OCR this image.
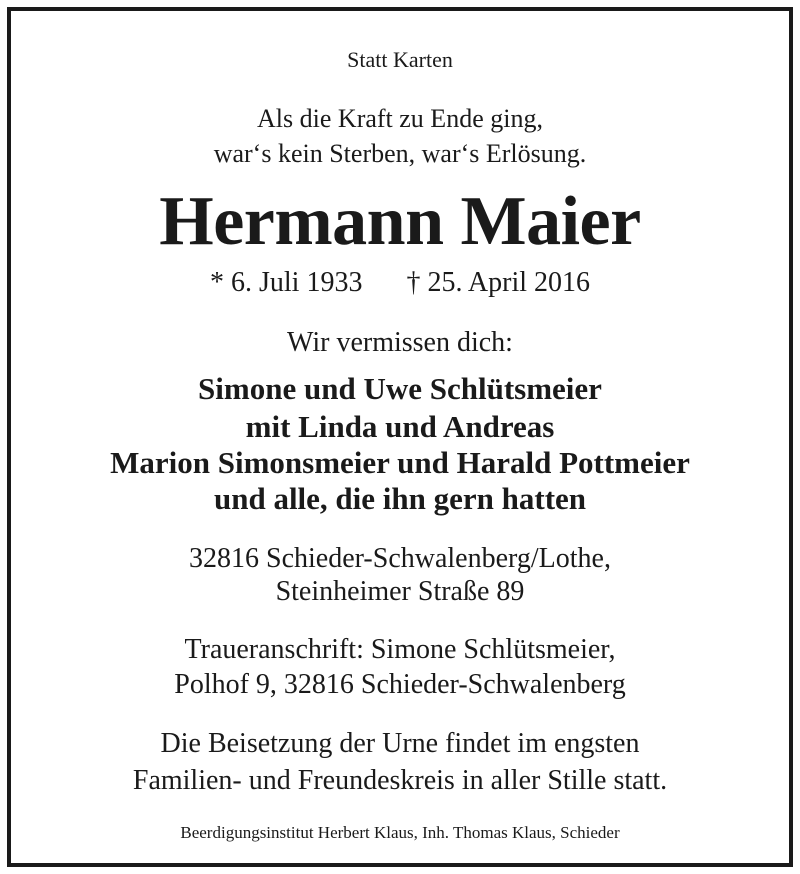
Statt Karten
Als die Kraft zu Ende ging,
war‘s kein Sterben, war‘s Erlösung.
Hermann Maier
* 6. Juli 1933 † 25. April 2016
Wir vermissen dich:
Simone und Uwe Schlütsmeier
mit Linda und Andreas
Marion Simonsmeier und Harald Pottmeier
und alle, die ihn gern hatten
32816 Schieder-Schwalenberg/Lothe,
Steinheimer Straße 89
Traueranschrift: Simone Schlütsmeier,
Polhof 9, 32816 Schieder-Schwalenberg
Die Beisetzung der Urne findet im engsten
Familien- und Freundeskreis in aller Stille statt.
Beerdigungsinstitut Herbert Klaus, Inh. Thomas Klaus, Schieder
